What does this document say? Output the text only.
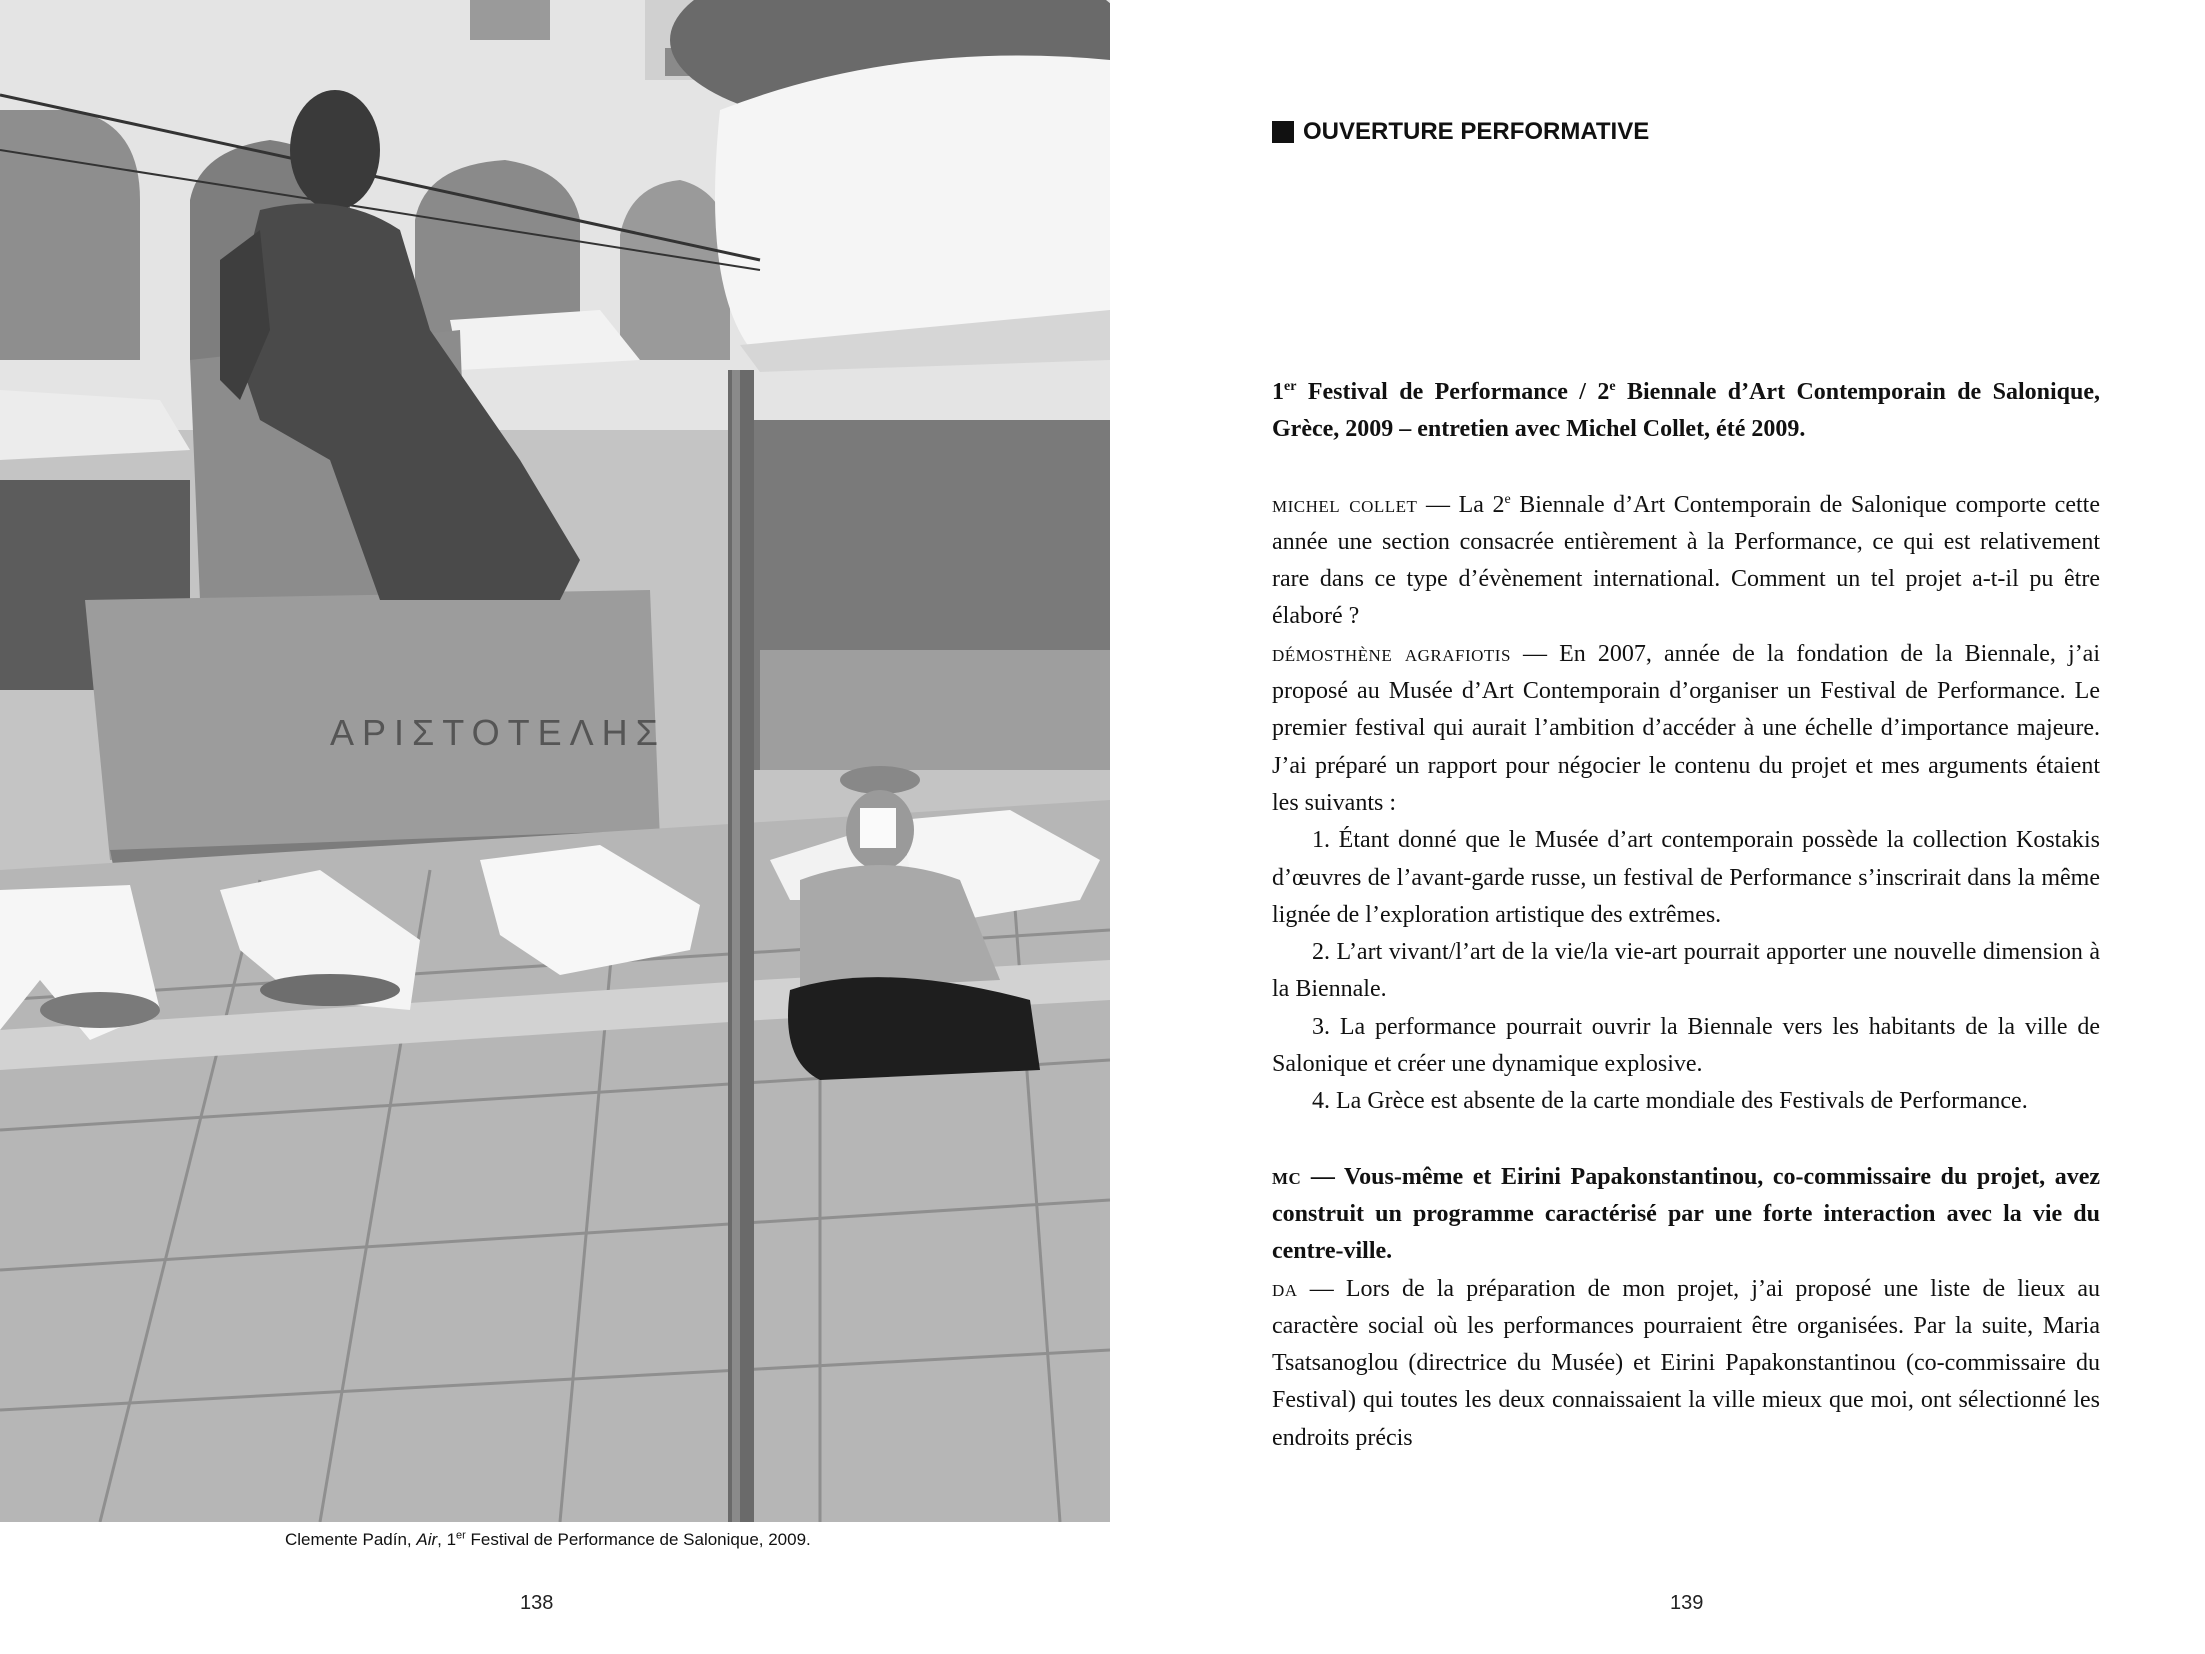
ΑΡΙΣΤΟΤΕΛΗΣ
Clemente Padín, Air, 1er Festival de Performance de Salonique, 2009.
138
OUVERTURE PERFORMATIVE

1er Festival de Performance / 2e Biennale d’Art Contemporain de Salonique, Grèce, 2009 – entretien avec Michel Collet, été 2009.

michel collet — La 2e Biennale d’Art Contemporain de Salonique comporte cette année une section consacrée entièrement à la Performance, ce qui est relativement rare dans ce type d’évènement international. Comment un tel projet a-t-il pu être élaboré ?

démosthène agrafiotis — En 2007, année de la fondation de la Biennale, j’ai proposé au Musée d’Art Contemporain d’organiser un Festival de Performance. Le premier festival qui aurait l’ambition d’accéder à une échelle d’importance majeure. J’ai préparé un rapport pour négocier le contenu du projet et mes arguments étaient les suivants :

1. Étant donné que le Musée d’art contemporain possède la collection Kostakis d’œuvres de l’avant-garde russe, un festival de Performance s’inscrirait dans la même lignée de l’exploration artistique des extrêmes.

2. L’art vivant/l’art de la vie/la vie-art pourrait apporter une nouvelle dimension à la Biennale.

3. La performance pourrait ouvrir la Biennale vers les habitants de la ville de Salonique et créer une dynamique explosive.

4. La Grèce est absente de la carte mondiale des Festivals de Performance.

mc — Vous-même et Eirini Papakonstantinou, co-commissaire du projet, avez construit un programme caractérisé par une forte interaction avec la vie du centre-ville.

da — Lors de la préparation de mon projet, j’ai proposé une liste de lieux au caractère social où les performances pourraient être organisées. Par la suite, Maria Tsatsanoglou (directrice du Musée) et Eirini Papakonstantinou (co-commissaire du Festival) qui toutes les deux connaissaient la ville mieux que moi, ont sélectionné les endroits précis

139
